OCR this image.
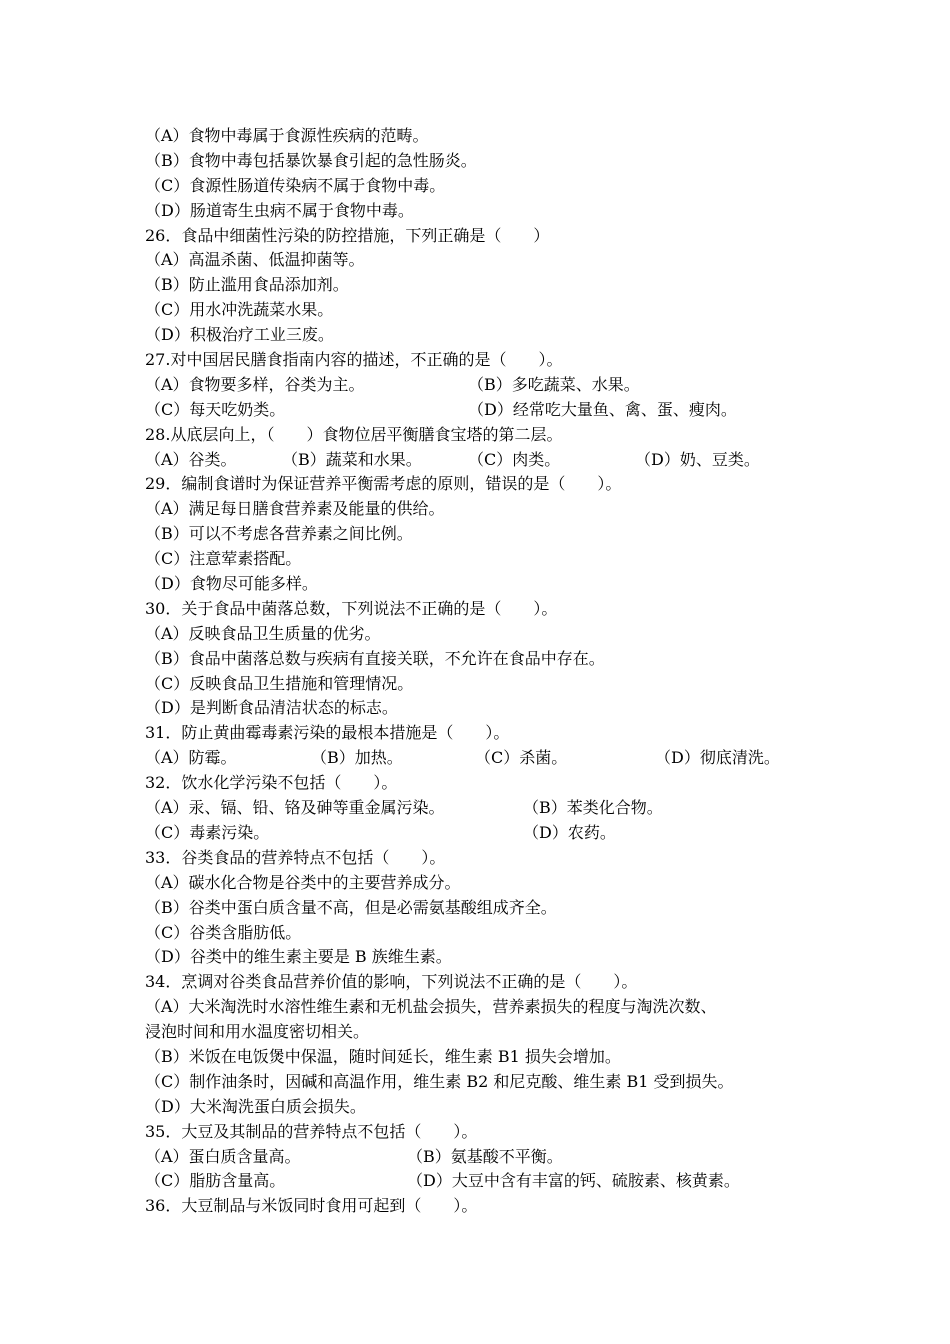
（A）食物中毒属于食源性疾病的范畴。
（B）食物中毒包括暴饮暴食引起的急性肠炎。
（C）食源性肠道传染病不属于食物中毒。
（D）肠道寄生虫病不属于食物中毒。
26．食品中细菌性污染的防控措施，下列正确是（　　）
（A）高温杀菌、低温抑菌等。
（B）防止滥用食品添加剂。
（C）用水冲洗蔬菜水果。
（D）积极治疗工业三废。
27.对中国居民膳食指南内容的描述，不正确的是（　　）。
（A）食物要多样，谷类为主。	（B）多吃蔬菜、水果。
（C）每天吃奶类。	（D）经常吃大量鱼、禽、蛋、瘦肉。
28.从底层向上，（　　）食物位居平衡膳食宝塔的第二层。
（A）谷类。	（B）蔬菜和水果。	（C）肉类。	（D）奶、豆类。
29．编制食谱时为保证营养平衡需考虑的原则，错误的是（　　）。
（A）满足每日膳食营养素及能量的供给。
（B）可以不考虑各营养素之间比例。
（C）注意荤素搭配。
（D）食物尽可能多样。
30．关于食品中菌落总数，下列说法不正确的是（　　）。
（A）反映食品卫生质量的优劣。
（B）食品中菌落总数与疾病有直接关联，不允许在食品中存在。
（C）反映食品卫生措施和管理情况。
（D）是判断食品清洁状态的标志。
31．防止黄曲霉毒素污染的最根本措施是（　　）。
（A）防霉。	（B）加热。	（C）杀菌。	（D）彻底清洗。
32．饮水化学污染不包括（　　）。
（A）汞、镉、铅、铬及砷等重金属污染。	（B）苯类化合物。
（C）毒素污染。	（D）农药。
33．谷类食品的营养特点不包括（　　）。
（A）碳水化合物是谷类中的主要营养成分。
（B）谷类中蛋白质含量不高，但是必需氨基酸组成齐全。
（C）谷类含脂肪低。
（D）谷类中的维生素主要是 B 族维生素。
34．烹调对谷类食品营养价值的影响，下列说法不正确的是（　　）。
（A）大米淘洗时水溶性维生素和无机盐会损失，营养素损失的程度与淘洗次数、
浸泡时间和用水温度密切相关。
（B）米饭在电饭煲中保温，随时间延长，维生素 B1 损失会增加。
（C）制作油条时，因碱和高温作用，维生素 B2 和尼克酸、维生素 B1 受到损失。
（D）大米淘洗蛋白质会损失。
35．大豆及其制品的营养特点不包括（　　）。
（A）蛋白质含量高。	（B）氨基酸不平衡。
（C）脂肪含量高。	（D）大豆中含有丰富的钙、硫胺素、核黄素。
36．大豆制品与米饭同时食用可起到（　　）。
